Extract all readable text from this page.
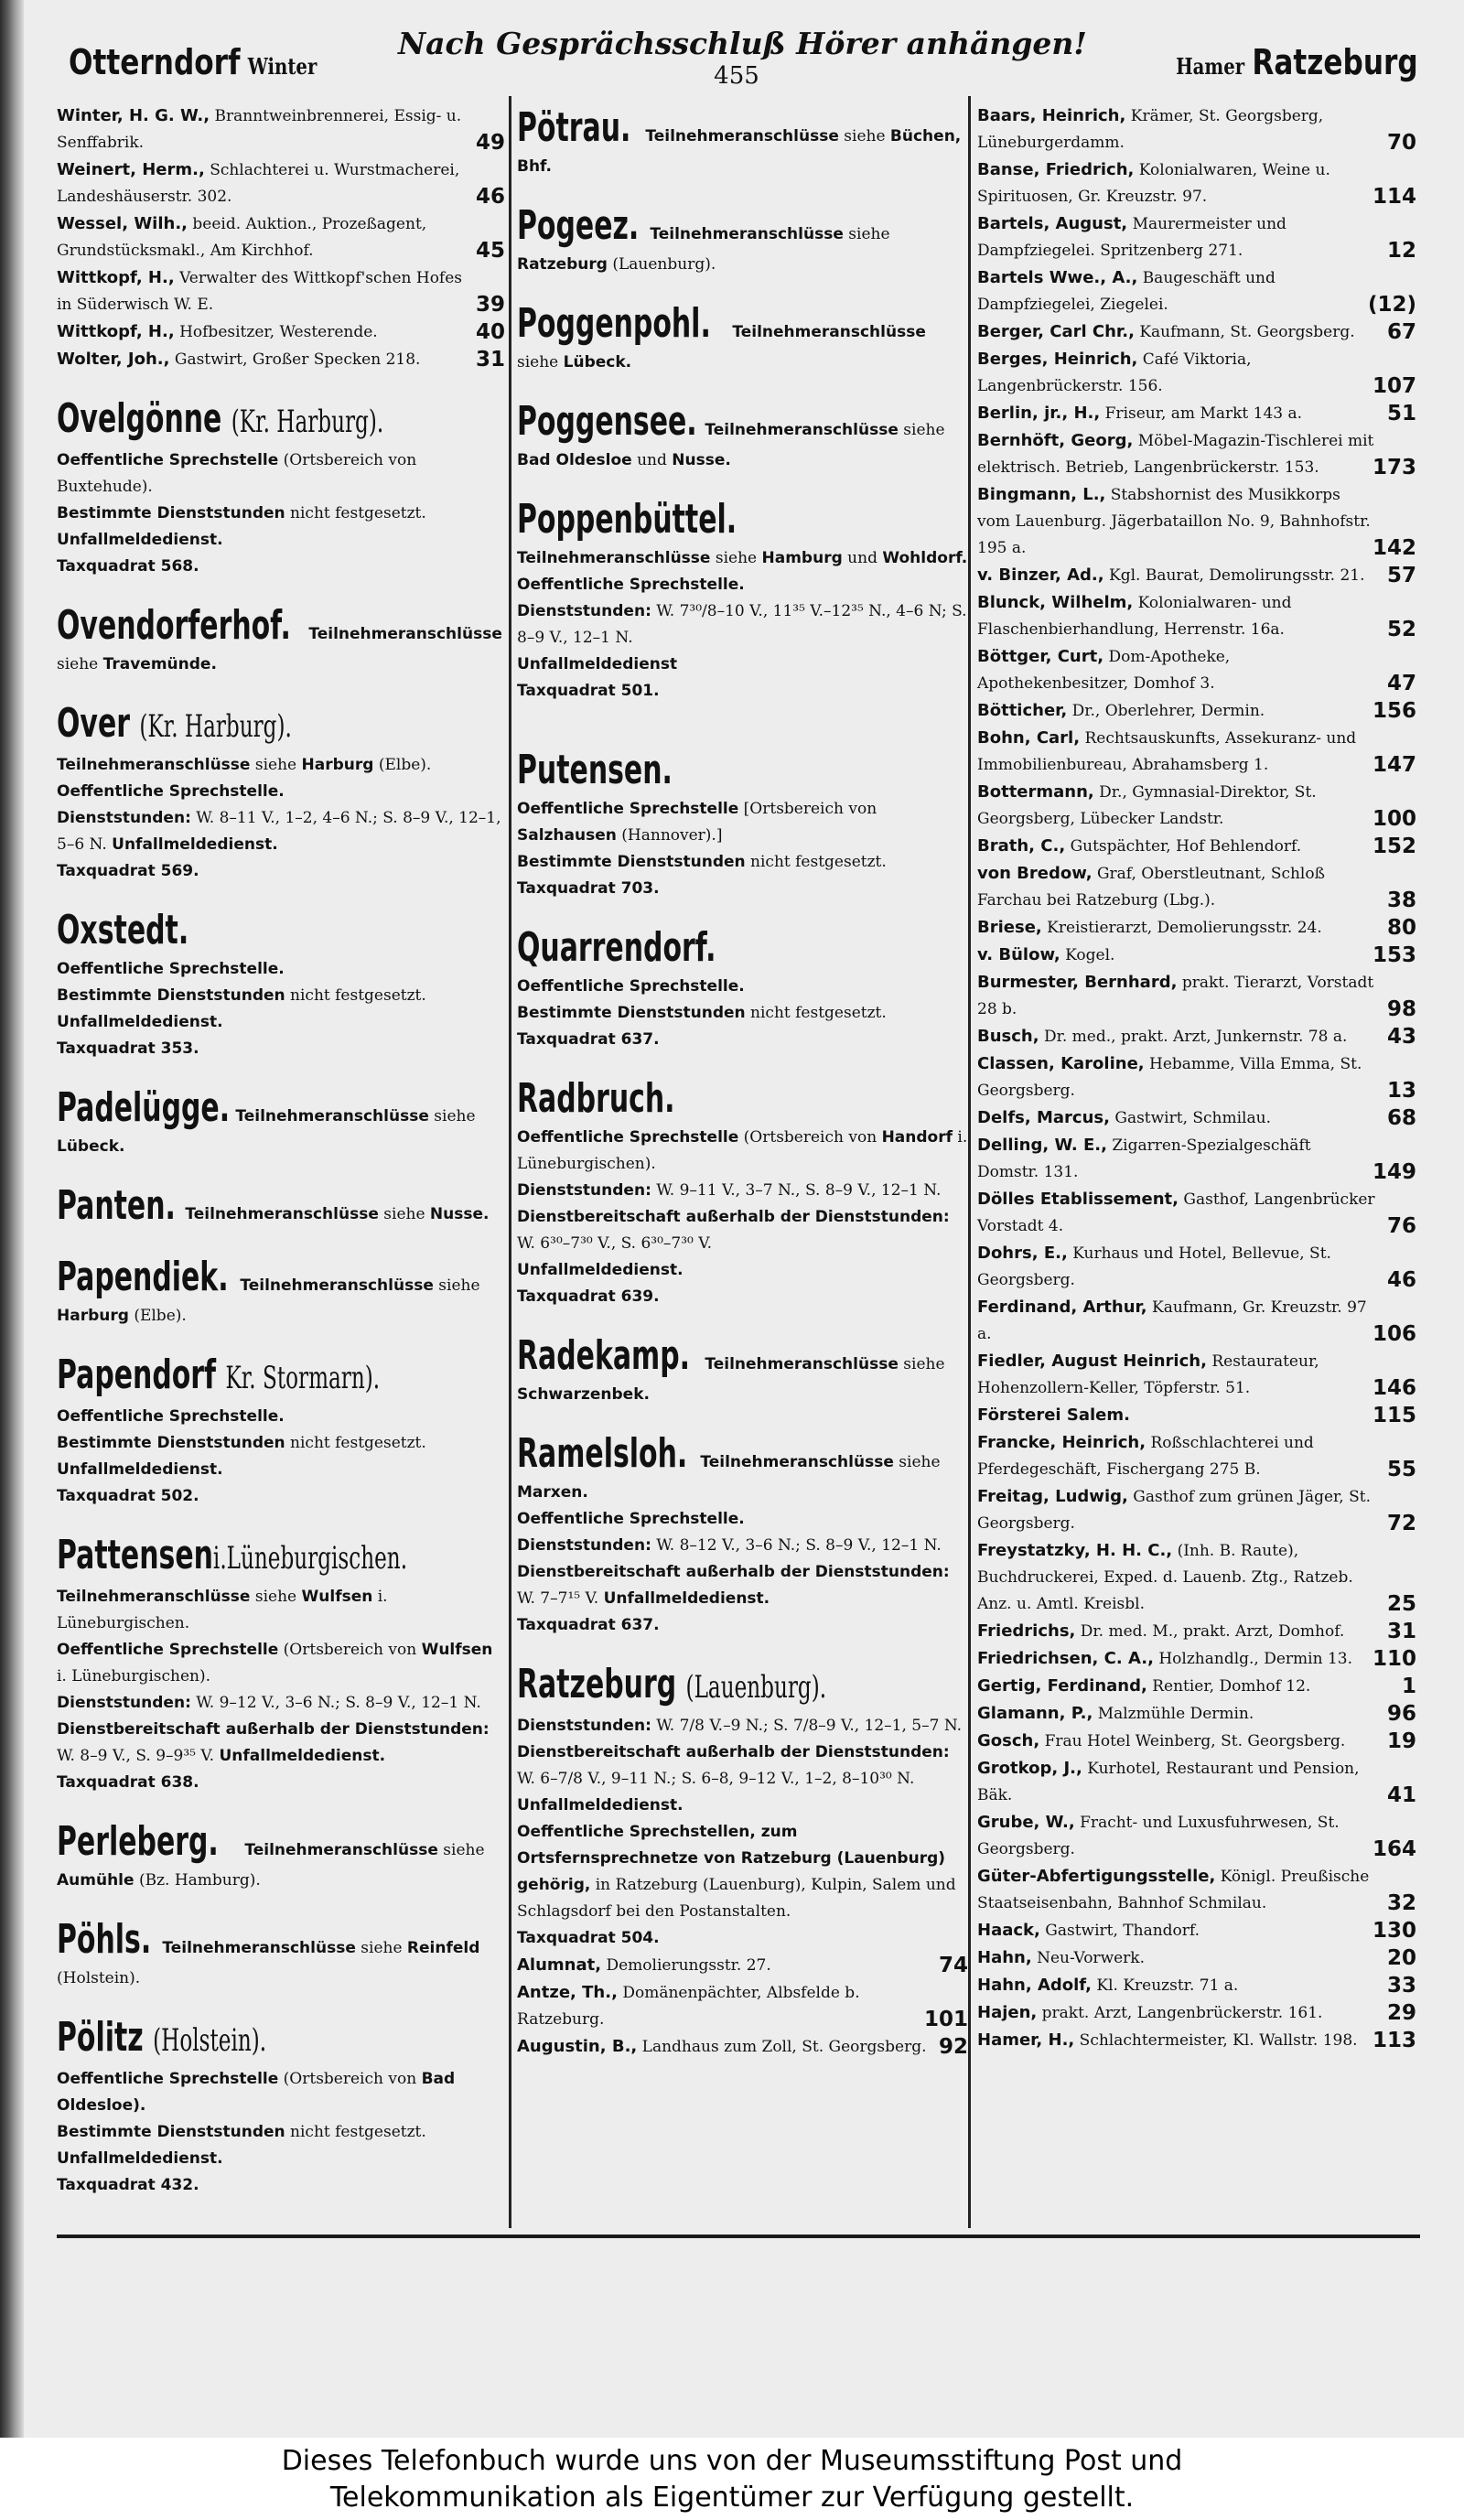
Otterndorf Winter
Nach Gesprächsschluß Hörer anhängen!
455	Hamer Ratzeburg

Winter, H. G. W., Branntweinbrennerei, Essig- u. Senffabrik.	49

Weinert, Herm., Schlachterei u. Wurstmacherei, Landeshäuserstr. 302.	46

Wessel, Wilh., beeid. Auktion., Prozeßagent, Grundstücksmakl., Am Kirchhof.	45

Wittkopf, H., Verwalter des Wittkopf'schen Hofes in Süderwisch W. E.	39

Wittkopf, H., Hofbesitzer, Westerende.	40

Wolter, Joh., Gastwirt, Großer Specken 218.	31
Ovelgönne (Kr. Harburg).

Oeffentliche Sprechstelle (Ortsbereich von Buxtehude).

Bestimmte Dienststunden nicht festgesetzt.

Unfallmeldedienst.

Taxquadrat 568.

Ovendorferhof. Teilnehmeranschlüsse siehe Travemünde.

Over (Kr. Harburg).

Teilnehmeranschlüsse siehe Harburg (Elbe).

Oeffentliche Sprechstelle.

Dienststunden: W. 8–11 V., 1–2, 4–6 N.; S. 8–9 V., 12–1, 5–6 N. Unfallmeldedienst.

Taxquadrat 569.

Oxstedt.

Oeffentliche Sprechstelle.

Bestimmte Dienststunden nicht festgesetzt.

Unfallmeldedienst.

Taxquadrat 353.

Padelügge. Teilnehmeranschlüsse siehe Lübeck.

Panten. Teilnehmeranschlüsse siehe Nusse.

Papendiek. Teilnehmeranschlüsse siehe Harburg (Elbe).

Papendorf Kr. Stormarn).

Oeffentliche Sprechstelle.

Bestimmte Dienststunden nicht festgesetzt.

Unfallmeldedienst.

Taxquadrat 502.

Pattenseni.Lüneburgischen.

Teilnehmeranschlüsse siehe Wulfsen i. Lüneburgischen.

Oeffentliche Sprechstelle (Ortsbereich von Wulfsen i. Lüneburgischen).

Dienststunden: W. 9–12 V., 3–6 N.; S. 8–9 V., 12–1 N.

Dienstbereitschaft außerhalb der Dienststunden: W. 8–9 V., S. 9–9³⁵ V. Unfallmeldedienst.

Taxquadrat 638.

Perleberg. Teilnehmeranschlüsse siehe Aumühle (Bz. Hamburg).

Pöhls. Teilnehmeranschlüsse siehe Reinfeld (Holstein).

Pölitz (Holstein).

Oeffentliche Sprechstelle (Ortsbereich von Bad Oldesloe).

Bestimmte Dienststunden nicht festgesetzt.

Unfallmeldedienst.

Taxquadrat 432.

Pötrau. Teilnehmeranschlüsse siehe Büchen, Bhf.

Pogeez. Teilnehmeranschlüsse siehe Ratzeburg (Lauenburg).

Poggenpohl. Teilnehmeranschlüsse siehe Lübeck.

Poggensee. Teilnehmeranschlüsse siehe Bad Oldesloe und Nusse.

Poppenbüttel.

Teilnehmeranschlüsse siehe Hamburg und Wohldorf.

Oeffentliche Sprechstelle.

Dienststunden: W. 7³⁰/8–10 V., 11³⁵ V.–12³⁵ N., 4–6 N; S. 8–9 V., 12–1 N.

Unfallmeldedienst

Taxquadrat 501.

Putensen.

Oeffentliche Sprechstelle [Ortsbereich von Salzhausen (Hannover).]

Bestimmte Dienststunden nicht festgesetzt.

Taxquadrat 703.

Quarrendorf.

Oeffentliche Sprechstelle.

Bestimmte Dienststunden nicht festgesetzt.

Taxquadrat 637.

Radbruch.

Oeffentliche Sprechstelle (Ortsbereich von Handorf i. Lüneburgischen).

Dienststunden: W. 9–11 V., 3–7 N., S. 8–9 V., 12–1 N.

Dienstbereitschaft außerhalb der Dienststunden: W. 6³⁰–7³⁰ V., S. 6³⁰–7³⁰ V.

Unfallmeldedienst.

Taxquadrat 639.

Radekamp. Teilnehmeranschlüsse siehe Schwarzenbek.

Ramelsloh. Teilnehmeranschlüsse siehe Marxen.

Oeffentliche Sprechstelle.

Dienststunden: W. 8–12 V., 3–6 N.; S. 8–9 V., 12–1 N.

Dienstbereitschaft außerhalb der Dienststunden: W. 7–7¹⁵ V. Unfallmeldedienst.

Taxquadrat 637.

Ratzeburg (Lauenburg).

Dienststunden: W. 7/8 V.–9 N.; S. 7/8–9 V., 12–1, 5–7 N.

Dienstbereitschaft außerhalb der Dienststunden: W. 6–7/8 V., 9–11 N.; S. 6–8, 9–12 V., 1–2, 8–10³⁰ N. Unfallmeldedienst.

Oeffentliche Sprechstellen, zum Ortsfernsprechnetze von Ratzeburg (Lauenburg) gehörig, in Ratzeburg (Lauenburg), Kulpin, Salem und Schlagsdorf bei den Postanstalten.

Taxquadrat 504.

Alumnat, Demolierungsstr. 27.	74

Antze, Th., Domänenpächter, Albsfelde b. Ratzeburg.	101

Augustin, B., Landhaus zum Zoll, St. Georgsberg. 92

Baars, Heinrich, Krämer, St. Georgsberg, Lüneburgerdamm.	70

Banse, Friedrich, Kolonialwaren, Weine u. Spirituosen, Gr. Kreuzstr. 97.	114

Bartels, August, Maurermeister und Dampfziegelei. Spritzenberg 271.	12

Bartels Wwe., A., Baugeschäft und Dampfziegelei, Ziegelei.	(12)

Berger, Carl Chr., Kaufmann, St. Georgsberg.	67

Berges, Heinrich, Café Viktoria, Langenbrückerstr. 156.	107

Berlin, jr., H., Friseur, am Markt 143 a.	51

Bernhöft, Georg, Möbel-Magazin-Tischlerei mit elektrisch. Betrieb, Langenbrückerstr. 153.	173

Bingmann, L., Stabshornist des Musikkorps vom Lauenburg. Jägerbataillon No. 9, Bahnhofstr. 195 a.	142

v. Binzer, Ad., Kgl. Baurat, Demolirungsstr. 21.	57

Blunck, Wilhelm, Kolonialwaren- und Flaschenbierhandlung, Herrenstr. 16a.	52

Böttger, Curt, Dom-Apotheke, Apothekenbesitzer, Domhof 3.	47

Bötticher, Dr., Oberlehrer, Dermin.	156

Bohn, Carl, Rechtsauskunfts, Assekuranz- und Immobilienbureau, Abrahamsberg 1.	147

Bottermann, Dr., Gymnasial-Direktor, St. Georgsberg, Lübecker Landstr.	100

Brath, C., Gutspächter, Hof Behlendorf.	152

von Bredow, Graf, Oberstleutnant, Schloß Farchau bei Ratzeburg (Lbg.).	38

Briese, Kreistierarzt, Demolierungsstr. 24.	80

v. Bülow, Kogel.	153

Burmester, Bernhard, prakt. Tierarzt, Vorstadt 28 b.	98

Busch, Dr. med., prakt. Arzt, Junkernstr. 78 a.	43

Classen, Karoline, Hebamme, Villa Emma, St. Georgsberg.	13

Delfs, Marcus, Gastwirt, Schmilau.	68

Delling, W. E., Zigarren-Spezialgeschäft Domstr. 131.	149

Dölles Etablissement, Gasthof, Langenbrücker Vorstadt 4.	76

Dohrs, E., Kurhaus und Hotel, Bellevue, St. Georgsberg.	46

Ferdinand, Arthur, Kaufmann, Gr. Kreuzstr. 97 a.	106

Fiedler, August Heinrich, Restaurateur, Hohenzollern-Keller, Töpferstr. 51.	146

Försterei Salem.	115

Francke, Heinrich, Roßschlachterei und Pferdegeschäft, Fischergang 275 B.	55

Freitag, Ludwig, Gasthof zum grünen Jäger, St. Georgsberg.	72

Freystatzky, H. H. C., (Inh. B. Raute), Buchdruckerei, Exped. d. Lauenb. Ztg., Ratzeb. Anz. u. Amtl. Kreisbl.	25

Friedrichs, Dr. med. M., prakt. Arzt, Domhof.	31

Friedrichsen, C. A., Holzhandlg., Dermin 13. 110

Gertig, Ferdinand, Rentier, Domhof 12.	1

Glamann, P., Malzmühle Dermin.	96

Gosch, Frau Hotel Weinberg, St. Georgsberg.	19

Grotkop, J., Kurhotel, Restaurant und Pension, Bäk.	41

Grube, W., Fracht- und Luxusfuhrwesen, St. Georgsberg.	164

Güter-Abfertigungsstelle, Königl. Preußische Staatseisenbahn, Bahnhof Schmilau.	32

Haack, Gastwirt, Thandorf.	130

Hahn, Neu-Vorwerk.	20

Hahn, Adolf, Kl. Kreuzstr. 71 a.	33

Hajen, prakt. Arzt, Langenbrückerstr. 161.	29

Hamer, H., Schlachtermeister, Kl. Wallstr. 198. 113
Dieses Telefonbuch wurde uns von der Museumsstiftung Post und
Telekommunikation als Eigentümer zur Verfügung gestellt.
